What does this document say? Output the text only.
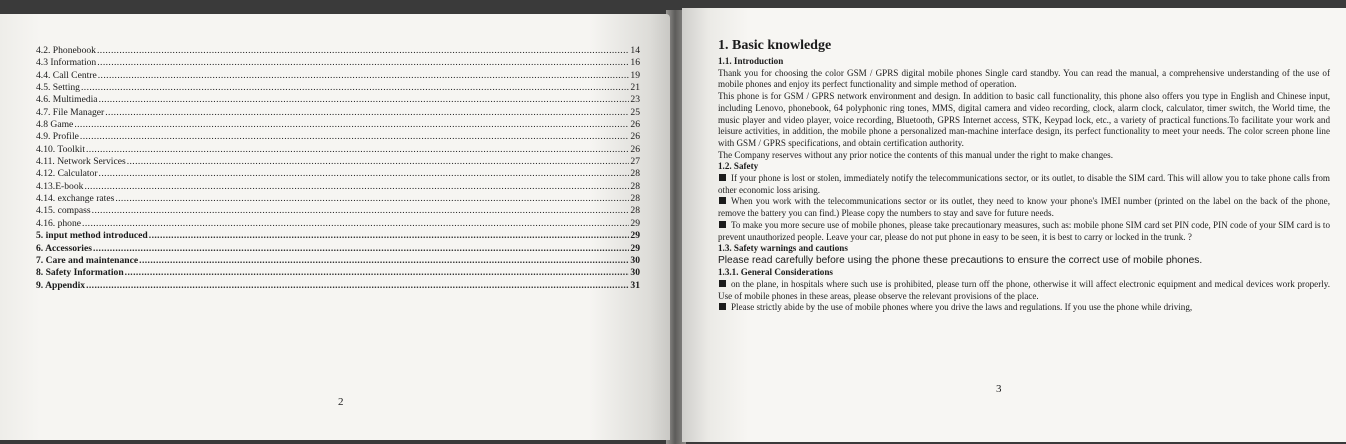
4.2. Phonebook .....	14
4.3 Information .....	16
4.4. Call Centre .....	19
4.5. Setting .....	21
4.6. Multimedia .....	23
4.7. File Manager .....	25
4.8 Game .....	26
4.9. Profile .....	26
4.10. Toolkit .....	26
4.11. Network Services .....	27
4.12. Calculator .....	28
4.13.E-book .....	28
4.14. exchange rates .....	28
4.15. compass .....	28
4.16. phone .....	29
5. input method introduced .....	29
6. Accessories .....	29
7. Care and maintenance .....	30
8. Safety Information .....	30
9. Appendix .....	31
2

1. Basic knowledge

1.1. Introduction

Thank you for choosing the color GSM / GPRS digital mobile phones Single card standby. You can read the manual, a comprehensive understanding of the use of mobile phones and enjoy its perfect functionality and simple method of operation.

This phone is for GSM / GPRS network environment and design. In addition to basic call functionality, this phone also offers you type in English and Chinese input, including Lenovo, phonebook, 64 polyphonic ring tones, MMS, digital camera and video recording, clock, alarm clock, calculator, timer switch, the World time, the music player and video player, voice recording, Bluetooth, GPRS Internet access, STK, Keypad lock, etc., a variety of practical functions.To facilitate your work and leisure activities, in addition, the mobile phone a personalized man-machine interface design, its perfect functionality to meet your needs. The color screen phone line with GSM / GPRS specifications, and obtain certification authority.

The Company reserves without any prior notice the contents of this manual under the right to make changes.

1.2. Safety

If your phone is lost or stolen, immediately notify the telecommunications sector, or its outlet, to disable the SIM card. This will allow you to take phone calls from other economic loss arising.

When you work with the telecommunications sector or its outlet, they need to know your phone's IMEI number (printed on the label on the back of the phone, remove the battery you can find.) Please copy the numbers to stay and save for future needs.

To make you more secure use of mobile phones, please take precautionary measures, such as: mobile phone SIM card set PIN code, PIN code of your SIM card is to prevent unauthorized people. Leave your car, please do not put phone in easy to be seen, it is best to carry or locked in the trunk. ?

1.3. Safety warnings and cautions

Please read carefully before using the phone these precautions to ensure the correct use of mobile phones.

1.3.1. General Considerations

on the plane, in hospitals where such use is prohibited, please turn off the phone, otherwise it will affect electronic equipment and medical devices work properly. Use of mobile phones in these areas, please observe the relevant provisions of the place.

Please strictly abide by the use of mobile phones where you drive the laws and regulations. If you use the phone while driving,

3
